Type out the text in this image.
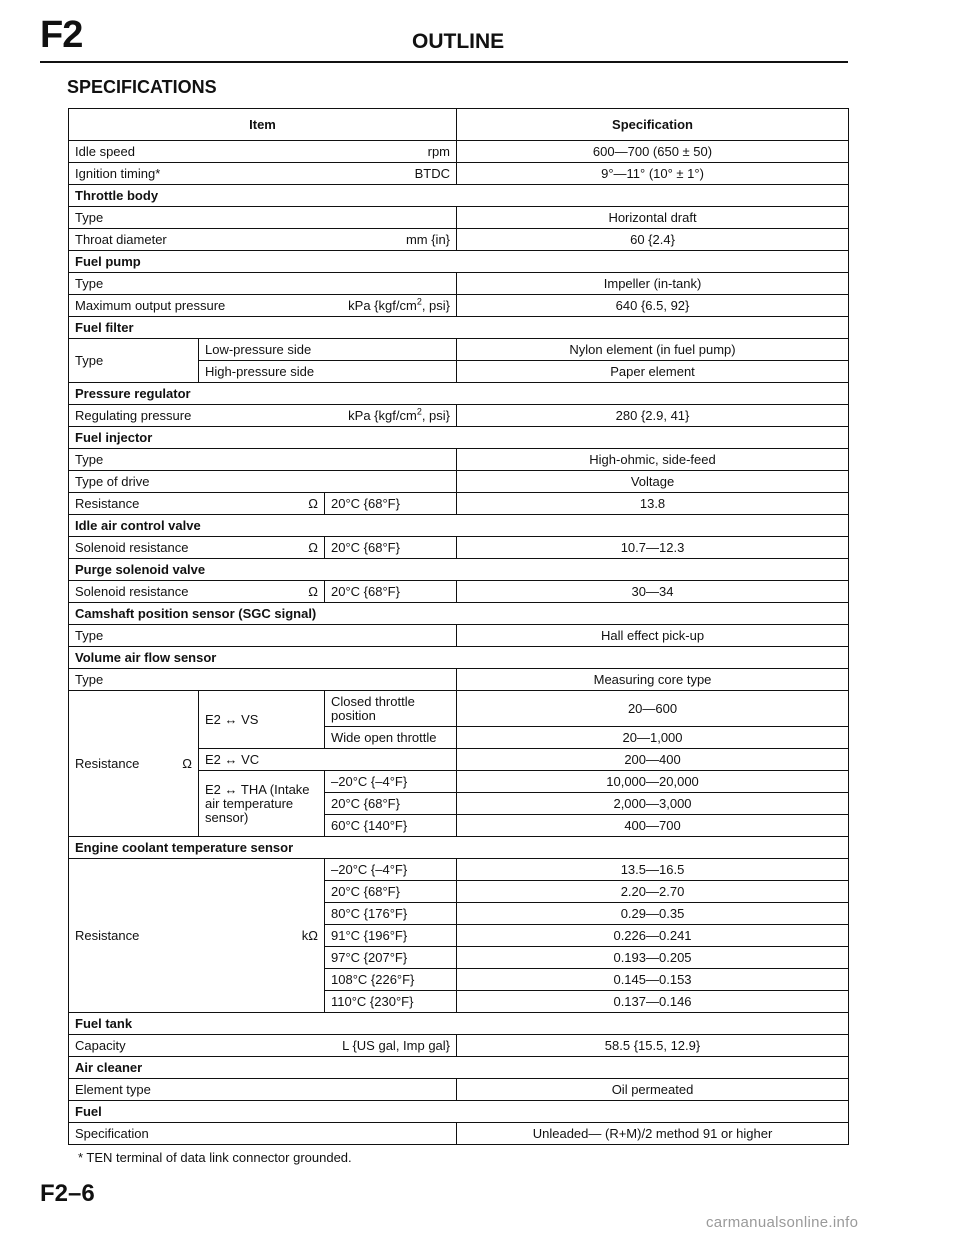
F2	OUTLINE
SPECIFICATIONS
Item			Specification

Idle speed rpm			600—700 (650 ± 50)

Ignition timing* BTDC			9°—11° (10° ± 1°)
Throttle body			
Type			Horizontal draft

Throat diameter mm {in}			60 {2.4}
Fuel pump			
Type			Impeller (in-tank)

Maximum output pressure kPa {$kgf/cm^2$, psi}			640 {6.5, 92}
Fuel filter			
Type	Low-pressure side		Nylon element (in fuel pump)
	High-pressure side		Paper element
Pressure regulator			

Regulating pressure kPa {$kgf/cm^2$, psi}			280 {2.9, 41}
Fuel injector			
Type			High-ohmic, side-feed
Type of drive			Voltage

Resistance Ω		20°C {68°F}	13.8
Idle air control valve			

Solenoid resistance Ω		20°C {68°F}	10.7—12.3
Purge solenoid valve			

Solenoid resistance Ω		20°C {68°F}	30—34
Camshaft position sensor (SGC signal)			
Type			Hall effect pick-up
Volume air flow sensor			
Type			Measuring core type

Resistance Ω	E2 ↔ VS	Closed throttle position	20—600
		Wide open throttle	20—1,000
	E2 ↔ VC		200—400
	E2 ↔ THA (Intake air temperature sensor)	–20°C {–4°F}	10,000—20,000
		20°C {68°F}	2,000—3,000
		60°C {140°F}	400—700
Engine coolant temperature sensor			

Resistance kΩ		–20°C {–4°F}	13.5—16.5
		20°C {68°F}	2.20—2.70
		80°C {176°F}	0.29—0.35
		91°C {196°F}	0.226—0.241
		97°C {207°F}	0.193—0.205
		108°C {226°F}	0.145—0.153
		110°C {230°F}	0.137—0.146
Fuel tank			

Capacity L {US gal, Imp gal}			58.5 {15.5, 12.9}
Air cleaner			
Element type			Oil permeated
Fuel			
Specification			Unleaded— (R+M)/2 method 91 or higher
* TEN terminal of data link connector grounded.
F2–6
carmanualsonline.info
